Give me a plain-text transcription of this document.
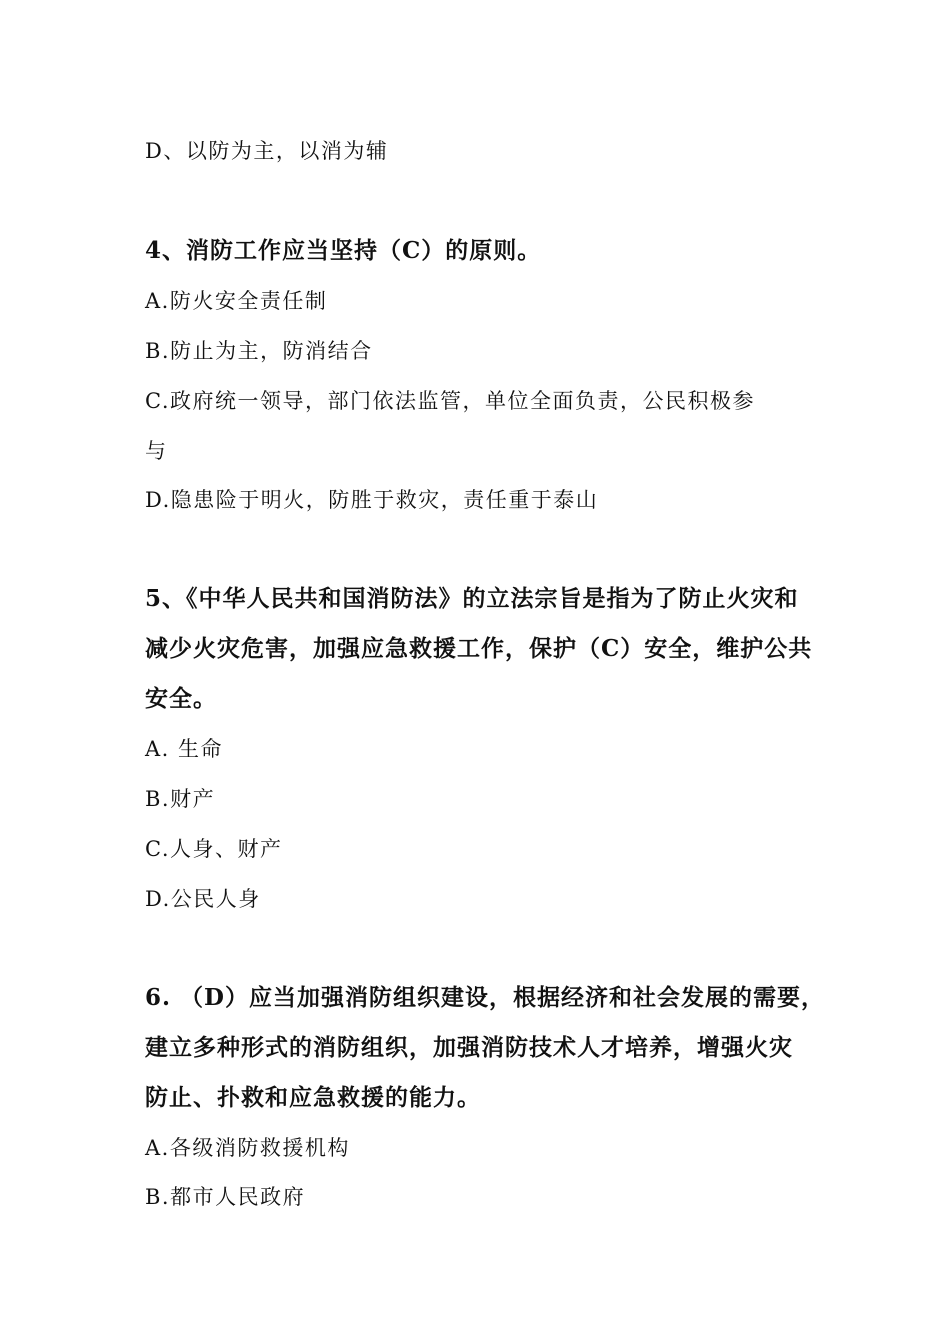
D、以防为主，以消为辅
4、消防工作应当坚持（C）的原则。
A.防火安全责任制
B.防止为主，防消结合
C.政府统一领导，部门依法监管，单位全面负责，公民积极参
与
D.隐患险于明火，防胜于救灾，责任重于泰山
5、《中华人民共和国消防法》的立法宗旨是指为了防止火灾和
减少火灾危害，加强应急救援工作，保护（C）安全，维护公共
安全。
A. 生命
B.财产
C.人身、财产
D.公民人身
6. （D）应当加强消防组织建设，根据经济和社会发展的需要，
建立多种形式的消防组织，加强消防技术人才培养，增强火灾
防止、扑救和应急救援的能力。
A.各级消防救援机构
B.都市人民政府
